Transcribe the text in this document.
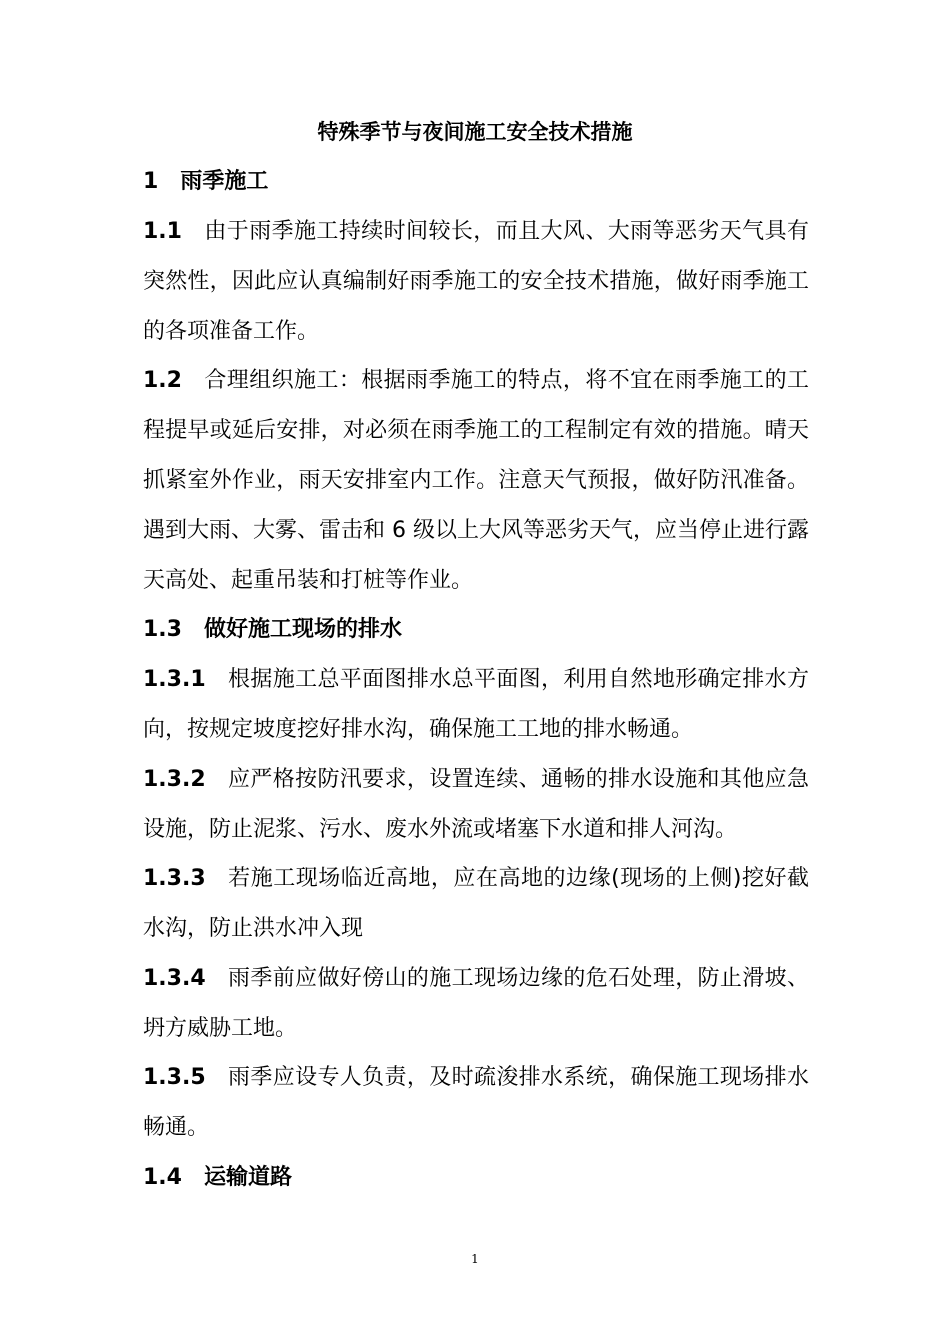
特殊季节与夜间施工安全技术措施
1 雨季施工
1.1 由于雨季施工持续时间较长，而且大风、大雨等恶劣天气具有突然性，因此应认真编制好雨季施工的安全技术措施，做好雨季施工的各项准备工作。
1.2 合理组织施工：根据雨季施工的特点，将不宜在雨季施工的工程提早或延后安排，对必须在雨季施工的工程制定有效的措施。晴天抓紧室外作业，雨天安排室内工作。注意天气预报，做好防汛准备。遇到大雨、大雾、雷击和 6 级以上大风等恶劣天气，应当停止进行露天高处、起重吊装和打桩等作业。
1.3 做好施工现场的排水
1.3.1 根据施工总平面图排水总平面图，利用自然地形确定排水方向，按规定坡度挖好排水沟，确保施工工地的排水畅通。
1.3.2 应严格按防汛要求，设置连续、通畅的排水设施和其他应急设施，防止泥浆、污水、废水外流或堵塞下水道和排人河沟。
1.3.3 若施工现场临近高地，应在高地的边缘(现场的上侧)挖好截水沟，防止洪水冲入现
1.3.4 雨季前应做好傍山的施工现场边缘的危石处理，防止滑坡、坍方威胁工地。
1.3.5 雨季应设专人负责，及时疏浚排水系统，确保施工现场排水畅通。
1.4 运输道路
1
